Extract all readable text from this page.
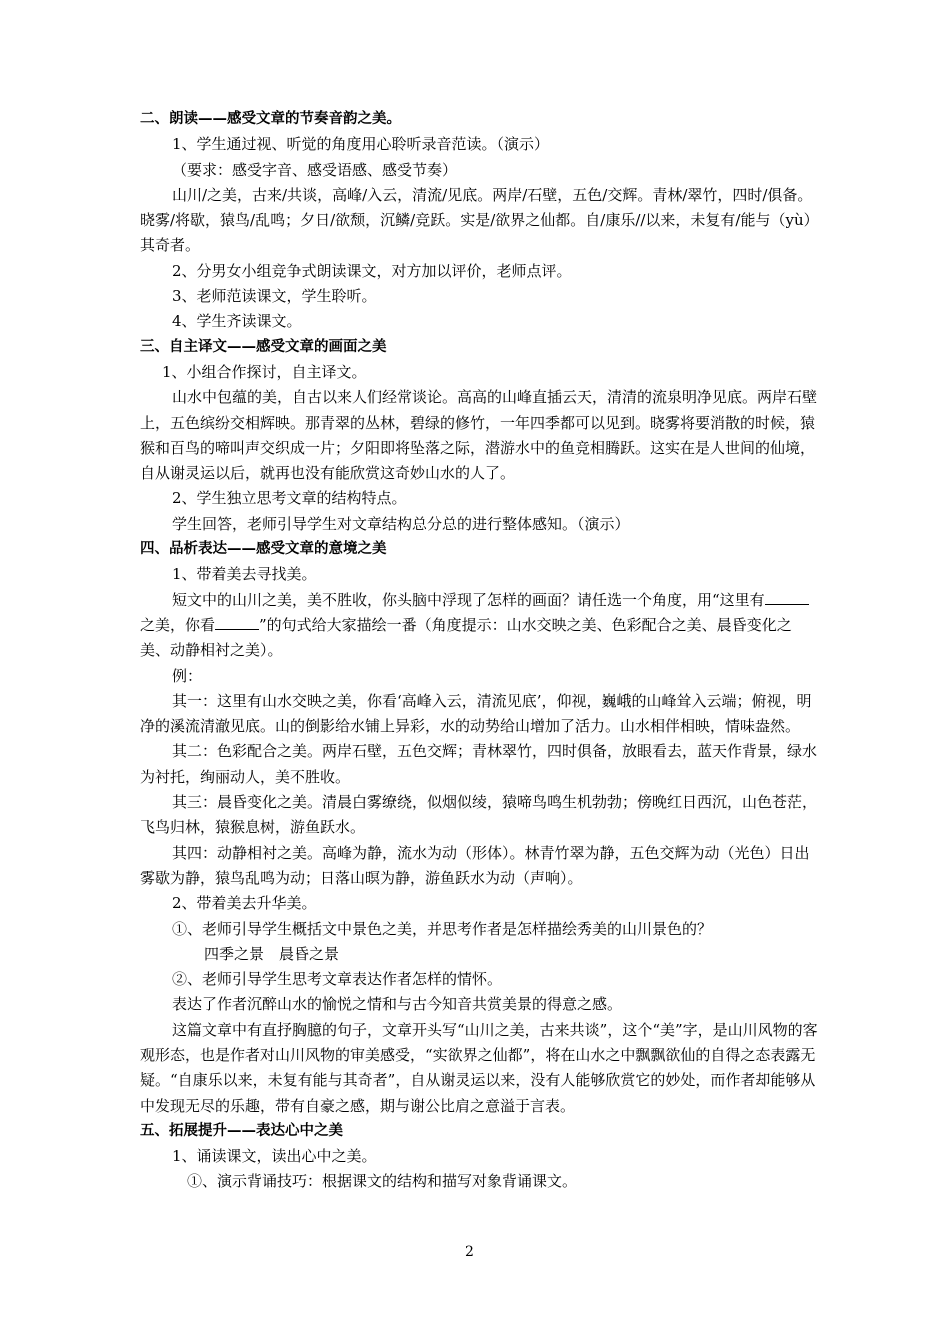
二、朗读——感受文章的节奏音韵之美。
1、学生通过视、听觉的角度用心聆听录音范读。（演示）
（要求：感受字音、感受语感、感受节奏）
山川/之美，古来/共谈，高峰/入云，清流/见底。两岸/石壁，五色/交辉。青林/翠竹，四时/俱备。晓雾/将歇，猿鸟/乱鸣；夕日/欲颓，沉鳞/竞跃。实是/欲界之仙都。自/康乐//以来，未复有/能与（yù）其奇者。
2、分男女小组竞争式朗读课文，对方加以评价，老师点评。
3、老师范读课文，学生聆听。
4、学生齐读课文。
三、自主译文——感受文章的画面之美
1、小组合作探讨，自主译文。
山水中包蕴的美，自古以来人们经常谈论。高高的山峰直插云天，清清的流泉明净见底。两岸石壁上，五色缤纷交相辉映。那青翠的丛林，碧绿的修竹，一年四季都可以见到。晓雾将要消散的时候，猿猴和百鸟的啼叫声交织成一片；夕阳即将坠落之际，潜游水中的鱼竞相腾跃。这实在是人世间的仙境，自从谢灵运以后，就再也没有能欣赏这奇妙山水的人了。
2、学生独立思考文章的结构特点。
学生回答，老师引导学生对文章结构总分总的进行整体感知。（演示）
四、品析表达——感受文章的意境之美
1、带着美去寻找美。
短文中的山川之美，美不胜收，你头脑中浮现了怎样的画面？请任选一个角度，用“这里有之美，你看	”的句式给大家描绘一番（角度提示：山水交映之美、色彩配合之美、晨昏变化之美、动静相衬之美）。
例：
其一：这里有山水交映之美，你看‘高峰入云，清流见底’，仰视，巍峨的山峰耸入云端；俯视，明净的溪流清澈见底。山的倒影给水铺上异彩，水的动势给山增加了活力。山水相伴相映，情味盎然。
其二：色彩配合之美。两岸石壁，五色交辉；青林翠竹，四时俱备，放眼看去，蓝天作背景，绿水为衬托，绚丽动人，美不胜收。
其三：晨昏变化之美。清晨白雾缭绕，似烟似绫，猿啼鸟鸣生机勃勃；傍晚红日西沉，山色苍茫，飞鸟归林，猿猴息树，游鱼跃水。
其四：动静相衬之美。高峰为静，流水为动（形体）。林青竹翠为静，五色交辉为动（光色）日出雾歇为静，猿鸟乱鸣为动；日落山暝为静，游鱼跃水为动（声响）。
2、带着美去升华美。
①、老师引导学生概括文中景色之美，并思考作者是怎样描绘秀美的山川景色的？
四季之景　晨昏之景
②、老师引导学生思考文章表达作者怎样的情怀。
表达了作者沉醉山水的愉悦之情和与古今知音共赏美景的得意之感。
这篇文章中有直抒胸臆的句子，文章开头写“山川之美，古来共谈”，这个“美”字，是山川风物的客观形态，也是作者对山川风物的审美感受，“实欲界之仙都”，将在山水之中飘飘欲仙的自得之态表露无疑。“自康乐以来，未复有能与其奇者”，自从谢灵运以来，没有人能够欣赏它的妙处，而作者却能够从中发现无尽的乐趣，带有自豪之感，期与谢公比肩之意溢于言表。
五、拓展提升——表达心中之美
1、诵读课文，读出心中之美。
①、演示背诵技巧：根据课文的结构和描写对象背诵课文。
2
